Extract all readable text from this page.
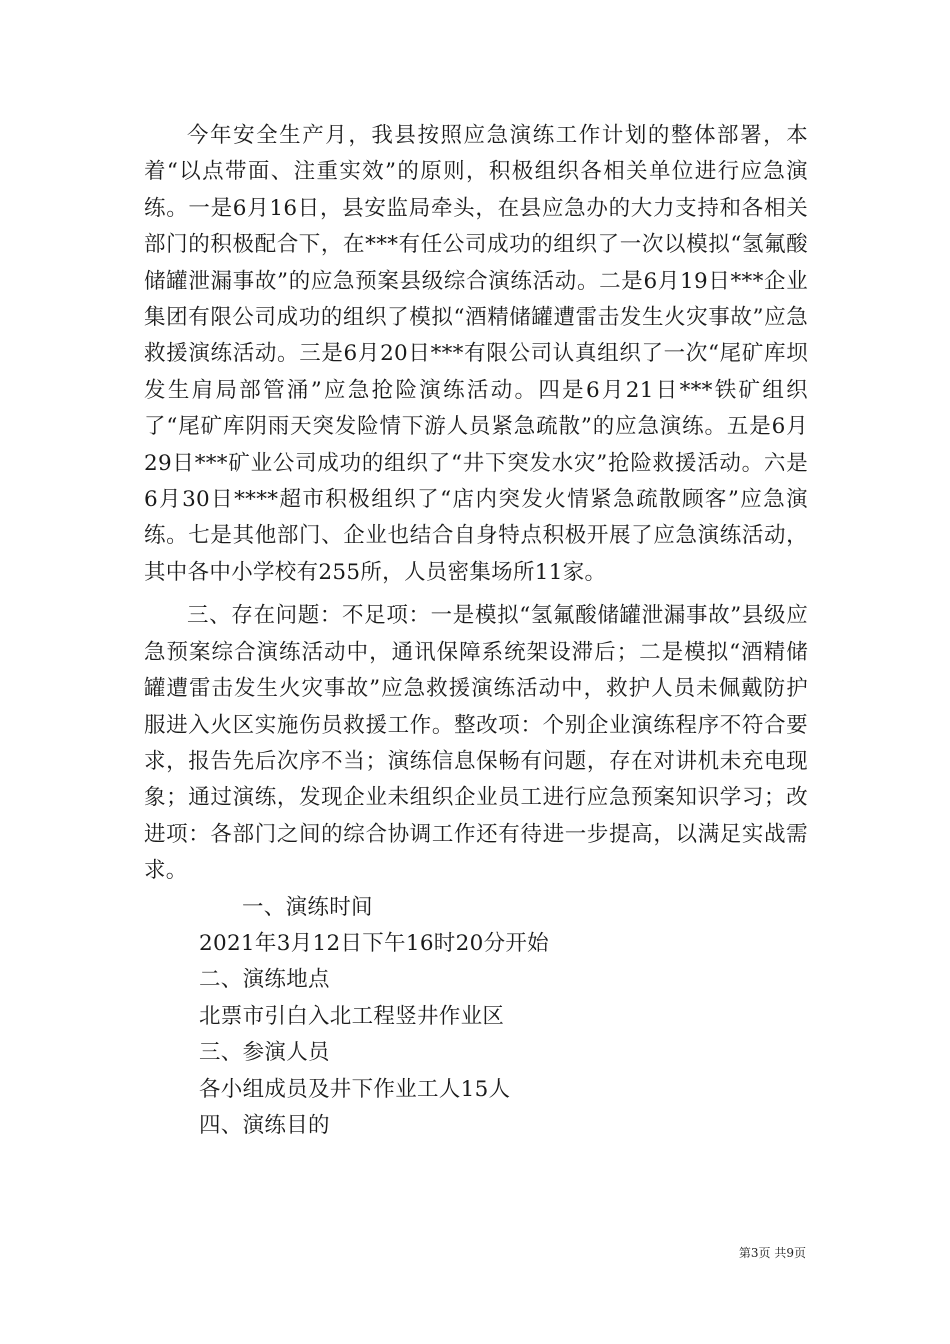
今年安全生产月，我县按照应急演练工作计划的整体部署，本着“以点带面、注重实效”的原则，积极组织各相关单位进行应急演练。一是6月16日，县安监局牵头，在县应急办的大力支持和各相关部门的积极配合下，在***有任公司成功的组织了一次以模拟“氢氟酸储罐泄漏事故”的应急预案县级综合演练活动。二是6月19日***企业集团有限公司成功的组织了模拟“酒精储罐遭雷击发生火灾事故”应急救援演练活动。三是6月20日***有限公司认真组织了一次“尾矿库坝发生肩局部管涌”应急抢险演练活动。四是6月21日***铁矿组织了“尾矿库阴雨天突发险情下游人员紧急疏散”的应急演练。五是6月29日***矿业公司成功的组织了“井下突发水灾”抢险救援活动。六是6月30日****超市积极组织了“店内突发火情紧急疏散顾客”应急演练。七是其他部门、企业也结合自身特点积极开展了应急演练活动，其中各中小学校有255所，人员密集场所11家。

三、存在问题：不足项：一是模拟“氢氟酸储罐泄漏事故”县级应急预案综合演练活动中，通讯保障系统架设滞后；二是模拟“酒精储罐遭雷击发生火灾事故”应急救援演练活动中，救护人员未佩戴防护服进入火区实施伤员救援工作。整改项：个别企业演练程序不符合要求，报告先后次序不当；演练信息保畅有问题，存在对讲机未充电现象；通过演练，发现企业未组织企业员工进行应急预案知识学习；改进项：各部门之间的综合协调工作还有待进一步提高，以满足实战需求。

一、演练时间

2021年3月12日下午16时20分开始

二、演练地点

北票市引白入北工程竖井作业区

三、参演人员

各小组成员及井下作业工人15人

四、演练目的

第3页 共9页
